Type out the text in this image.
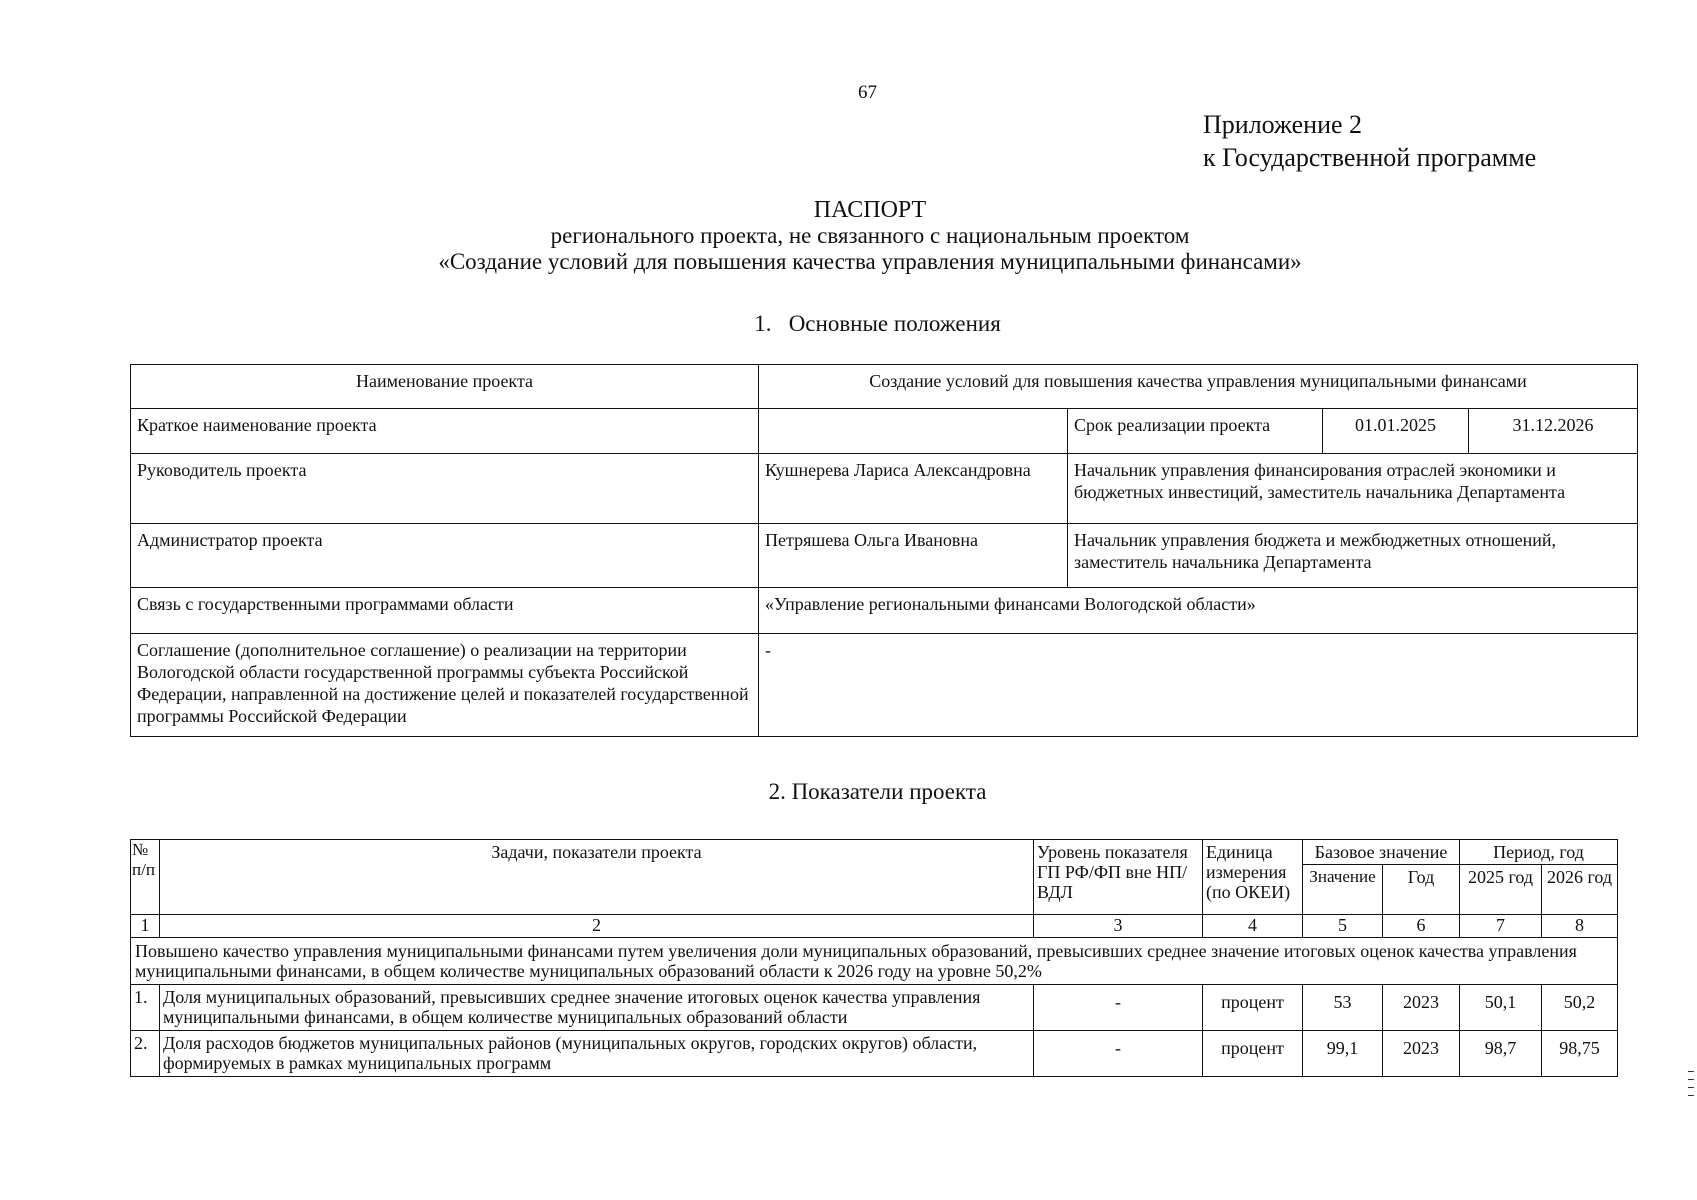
67
Приложение 2
к Государственной программе
ПАСПОРТ
регионального проекта, не связанного с национальным проектом
«Создание условий для повышения качества управления муниципальными финансами»
1.   Основные положения
Наименование проекта	Создание условий для повышения качества управления муниципальными финансами			
Краткое наименование проекта		Срок реализации проекта	01.01.2025	31.12.2026
Руководитель проекта	Кушнерева Лариса Александровна	Начальник управления финансирования отраслей экономики и бюджетных инвестиций, заместитель начальника Департамента		
Администратор проекта	Петряшева Ольга Ивановна	Начальник управления бюджета и межбюджетных отношений, заместитель начальника Департамента		
Связь с государственными программами области	«Управление региональными финансами Вологодской области»			
Соглашение (дополнительное соглашение) о реализации на территории Вологодской области государственной программы субъекта Российской Федерации, направленной на достижение целей и показателей государственной программы Российской Федерации	-			
2. Показатели проекта
№ п/п	Задачи, показатели проекта	Уровень показателя ГП РФ/ФП вне НП/ВДЛ	Единица измерения (по ОКЕИ)	Базовое значение		Период, год	
				Значение	Год	2025 год	2026 год
1	2	3	4	5	6	7	8
Повышено качество управления муниципальными финансами путем увеличения доли муниципальных образований, превысивших среднее значение итоговых оценок качества управления муниципальными финансами, в общем количестве муниципальных образований области к 2026 году на уровне 50,2%							
1.	Доля муниципальных образований, превысивших среднее значение итоговых оценок качества управления муниципальными финансами, в общем количестве муниципальных образований области	-	процент	53	2023	50,1	50,2
2.	Доля расходов бюджетов муниципальных районов (муниципальных округов, городских округов) области, формируемых в рамках муниципальных программ	-	процент	99,1	2023	98,7	98,75
